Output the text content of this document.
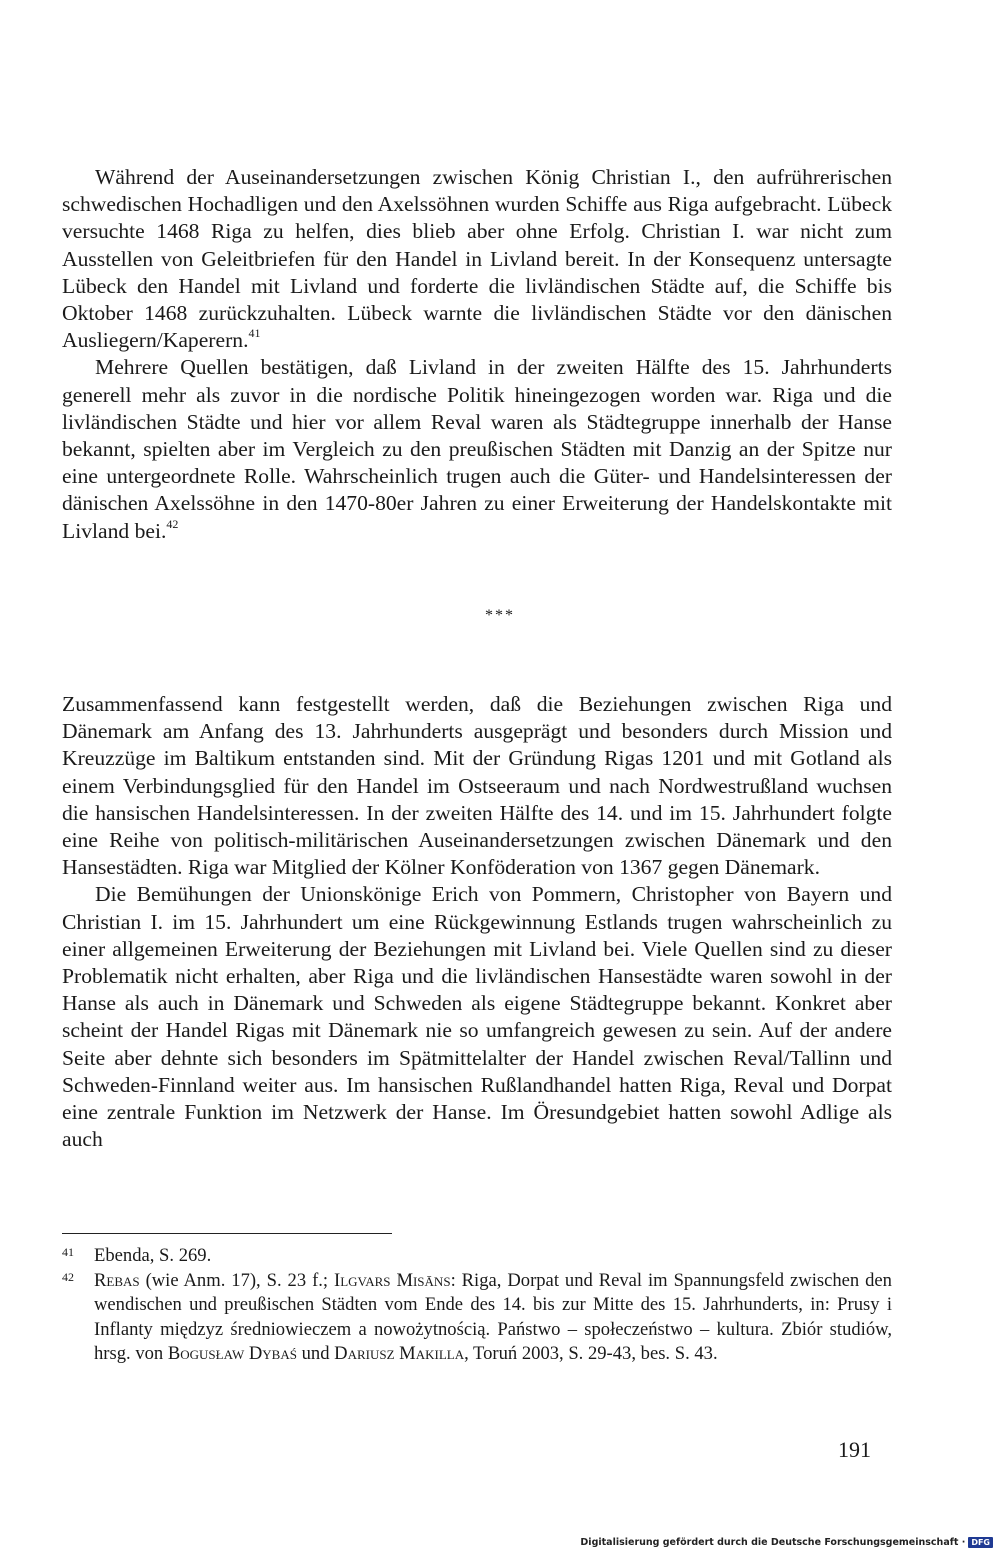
Während der Auseinandersetzungen zwischen König Christian I., den aufrührerischen schwedischen Hochadligen und den Axelssöhnen wurden Schiffe aus Riga aufgebracht. Lübeck versuchte 1468 Riga zu helfen, dies blieb aber ohne Erfolg. Christian I. war nicht zum Ausstellen von Geleitbriefen für den Handel in Livland bereit. In der Konsequenz untersagte Lübeck den Handel mit Livland und forderte die livländischen Städte auf, die Schiffe bis Oktober 1468 zurückzuhalten. Lübeck warnte die livländischen Städte vor den dänischen Ausliegern/Kaperern.$^{41}$

Mehrere Quellen bestätigen, daß Livland in der zweiten Hälfte des 15. Jahrhunderts generell mehr als zuvor in die nordische Politik hineingezogen worden war. Riga und die livländischen Städte und hier vor allem Reval waren als Städtegruppe innerhalb der Hanse bekannt, spielten aber im Vergleich zu den preußischen Städten mit Danzig an der Spitze nur eine untergeordnete Rolle. Wahrscheinlich trugen auch die Güter- und Handelsinteressen der dänischen Axelssöhne in den 1470-80er Jahren zu einer Erweiterung der Handelskontakte mit Livland bei.$^{42}$

***

Zusammenfassend kann festgestellt werden, daß die Beziehungen zwischen Riga und Dänemark am Anfang des 13. Jahrhunderts ausgeprägt und besonders durch Mission und Kreuzzüge im Baltikum entstanden sind. Mit der Gründung Rigas 1201 und mit Gotland als einem Verbindungsglied für den Handel im Ostseeraum und nach Nordwestrußland wuchsen die hansischen Handelsinteressen. In der zweiten Hälfte des 14. und im 15. Jahrhundert folgte eine Reihe von politisch-militärischen Auseinandersetzungen zwischen Dänemark und den Hansestädten. Riga war Mitglied der Kölner Konföderation von 1367 gegen Dänemark.

Die Bemühungen der Unionskönige Erich von Pommern, Christopher von Bayern und Christian I. im 15. Jahrhundert um eine Rückgewinnung Estlands trugen wahrscheinlich zu einer allgemeinen Erweiterung der Beziehungen mit Livland bei. Viele Quellen sind zu dieser Problematik nicht erhalten, aber Riga und die livländischen Hansestädte waren sowohl in der Hanse als auch in Dänemark und Schweden als eigene Städtegruppe bekannt. Konkret aber scheint der Handel Rigas mit Dänemark nie so umfangreich gewesen zu sein. Auf der andere Seite aber dehnte sich besonders im Spätmittelalter der Handel zwischen Reval/Tallinn und Schweden-Finnland weiter aus. Im hansischen Rußlandhandel hatten Riga, Reval und Dorpat eine zentrale Funktion im Netzwerk der Hanse. Im Öresundgebiet hatten sowohl Adlige als auch

41	Ebenda, S. 269.
42	Rebas (wie Anm. 17), S. 23 f.; Ilgvars Misāns: Riga, Dorpat und Reval im Spannungsfeld zwischen den wendischen und preußischen Städten vom Ende des 14. bis zur Mitte des 15. Jahrhunderts, in: Prusy i Inflanty międzyz średniowieczem a nowożytnością. Państwo – społeczeństwo – kultura. Zbiór studiów, hrsg. von Bogusław Dybaś und Dariusz Makilla, Toruń 2003, S. 29-43, bes. S. 43.
191
Digitalisierung gefördert durch die Deutsche Forschungsgemeinschaft · DFG
